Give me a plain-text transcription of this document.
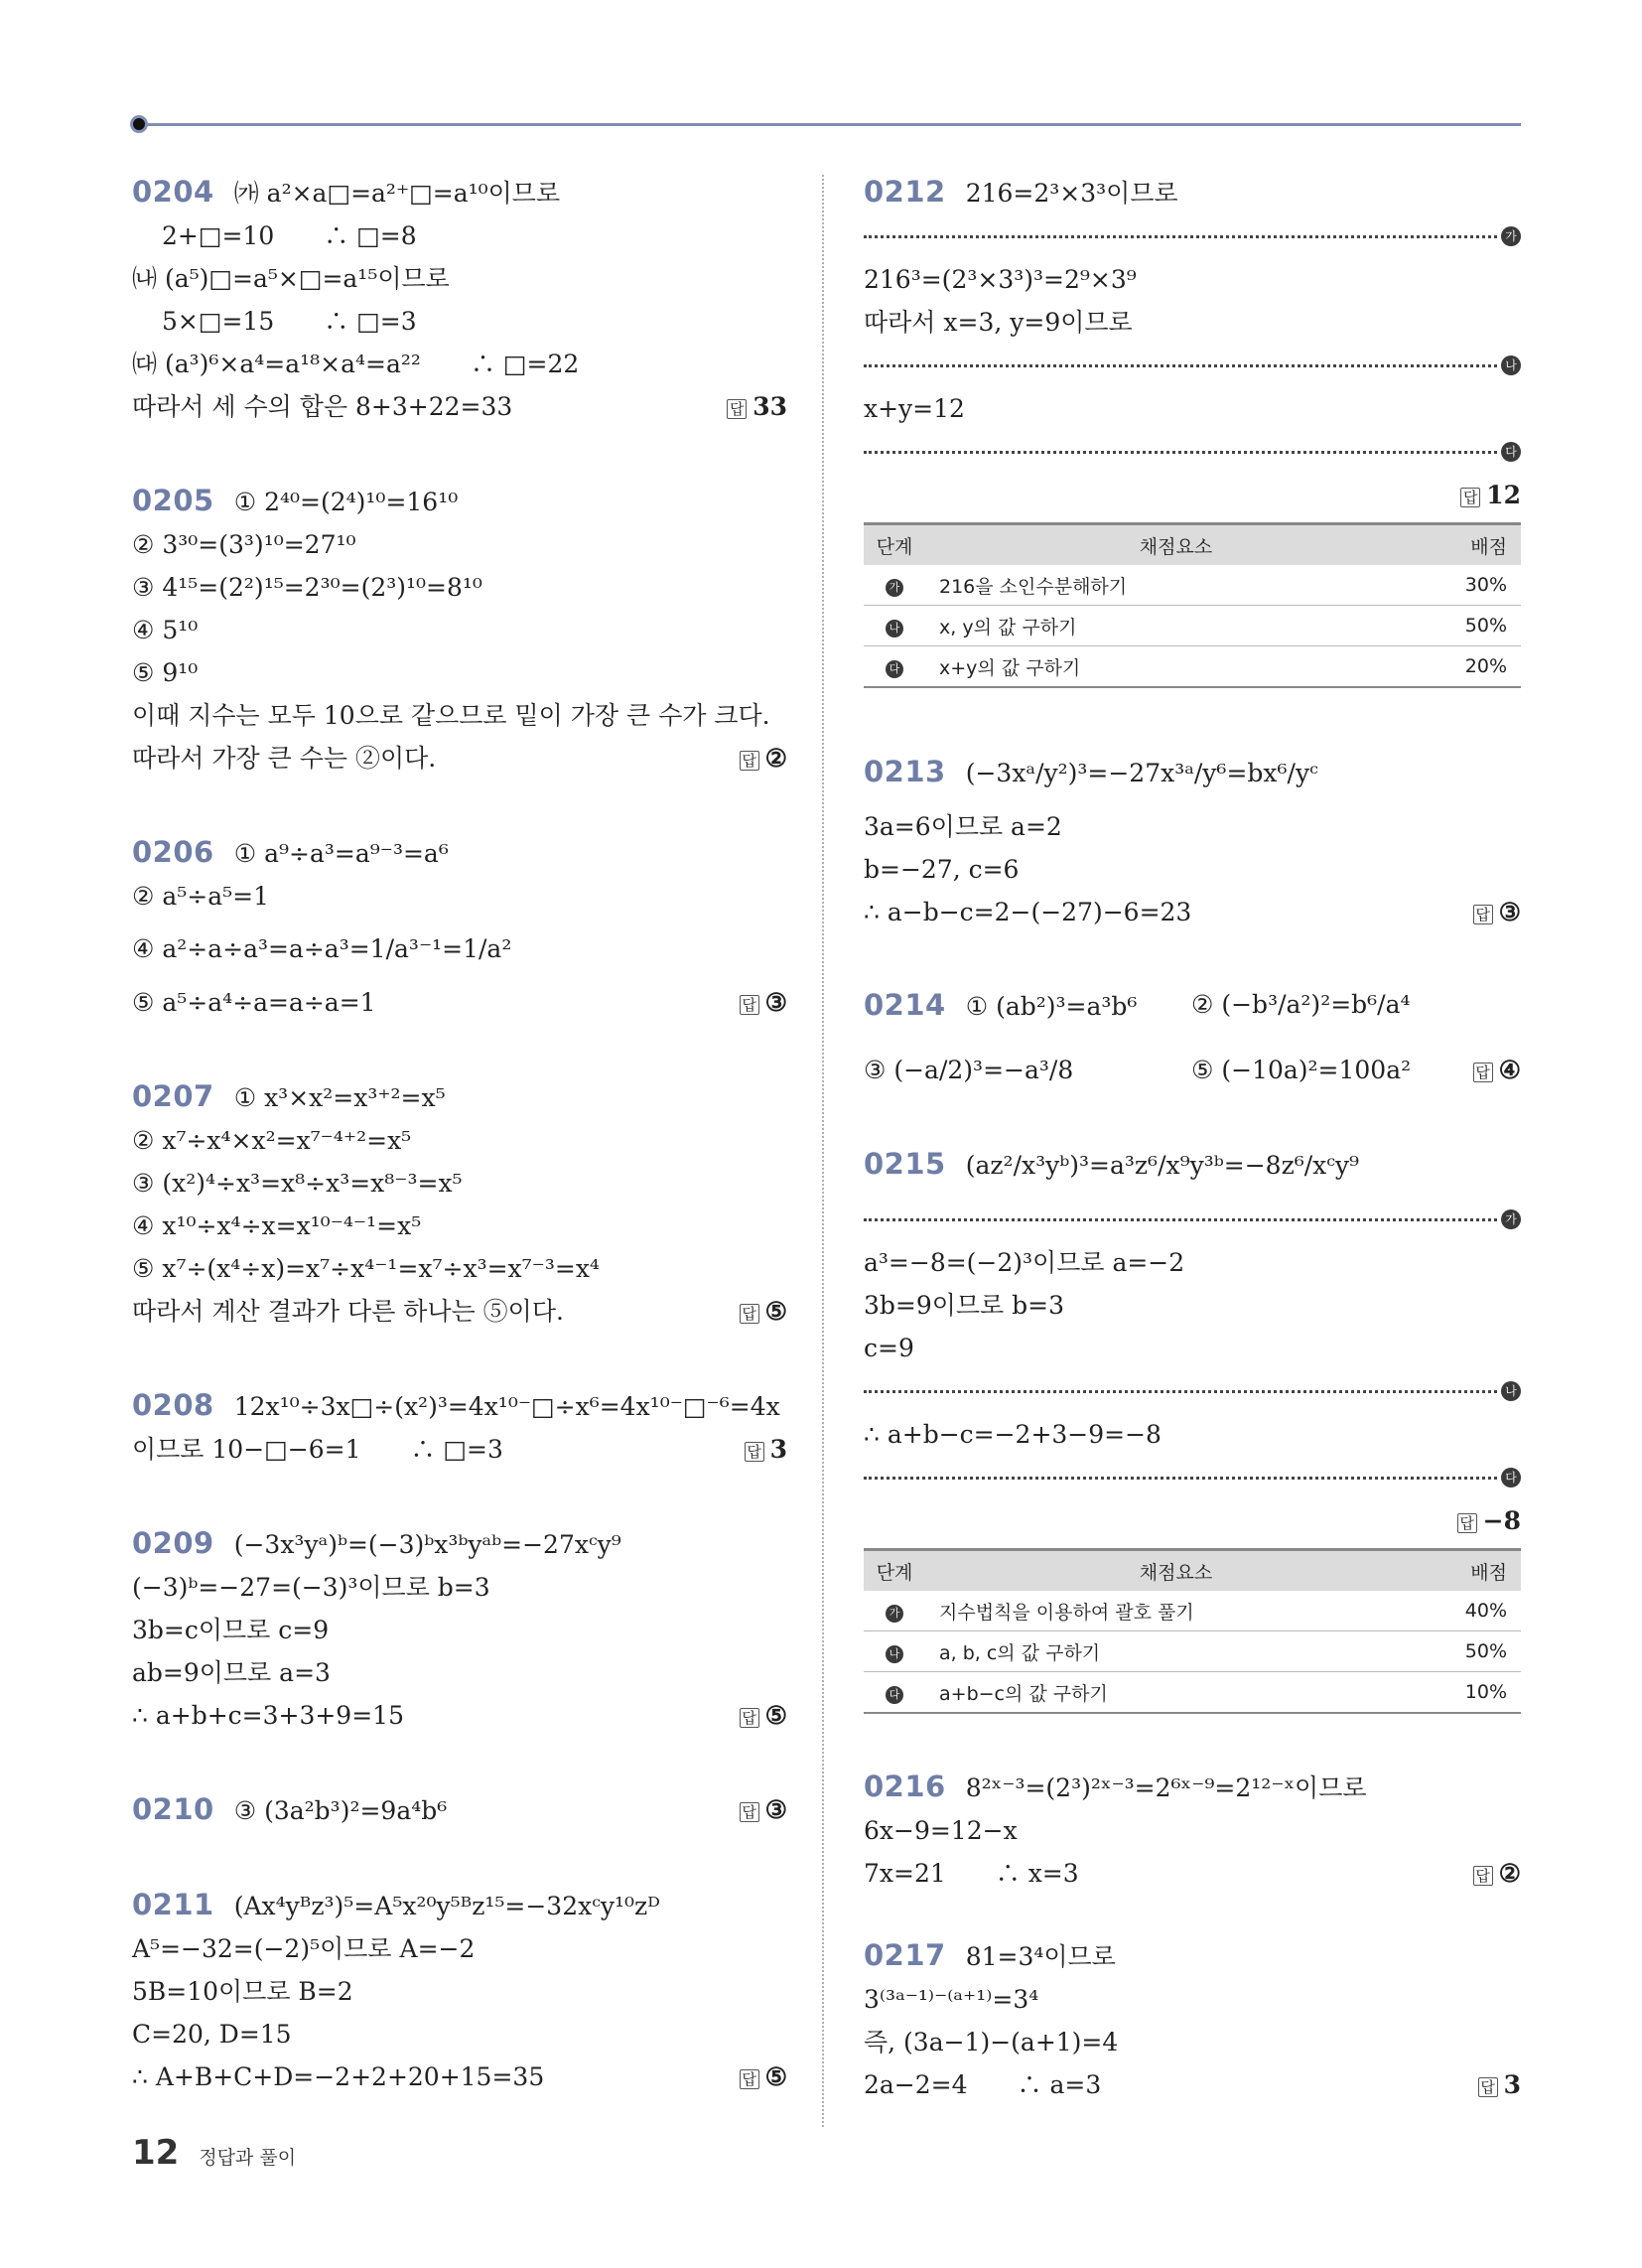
0204 ㈎ a²×a□=a²⁺□=a¹⁰이므로
2+□=10　　∴ □=8
㈏ (a⁵)□=a⁵×□=a¹⁵이므로
5×□=15　　∴ □=3
㈐ (a³)⁶×a⁴=a¹⁸×a⁴=a²²　　∴ □=22
따라서 세 수의 합은 8+3+22=33	답 33
0205 ① 2⁴⁰=(2⁴)¹⁰=16¹⁰
② 3³⁰=(3³)¹⁰=27¹⁰
③ 4¹⁵=(2²)¹⁵=2³⁰=(2³)¹⁰=8¹⁰
④ 5¹⁰
⑤ 9¹⁰
이때 지수는 모두 10으로 같으므로 밑이 가장 큰 수가 크다.
따라서 가장 큰 수는 ②이다.	답 ②
0206 ① a⁹÷a³=a⁹⁻³=a⁶
② a⁵÷a⁵=1
④ a²÷a÷a³=a÷a³=1/a³⁻¹=1/a²
⑤ a⁵÷a⁴÷a=a÷a=1	답 ③
0207 ① x³×x²=x³⁺²=x⁵
② x⁷÷x⁴×x²=x⁷⁻⁴⁺²=x⁵
③ (x²)⁴÷x³=x⁸÷x³=x⁸⁻³=x⁵
④ x¹⁰÷x⁴÷x=x¹⁰⁻⁴⁻¹=x⁵
⑤ x⁷÷(x⁴÷x)=x⁷÷x⁴⁻¹=x⁷÷x³=x⁷⁻³=x⁴
따라서 계산 결과가 다른 하나는 ⑤이다.	답 ⑤
0208 12x¹⁰÷3x□÷(x²)³=4x¹⁰⁻□÷x⁶=4x¹⁰⁻□⁻⁶=4x
이므로 10−□−6=1　　∴ □=3	답 3
0209 (−3x³yᵃ)ᵇ=(−3)ᵇx³ᵇyᵃᵇ=−27xᶜy⁹
(−3)ᵇ=−27=(−3)³이므로 b=3
3b=c이므로 c=9
ab=9이므로 a=3
∴ a+b+c=3+3+9=15	답 ⑤
0210 ③ (3a²b³)²=9a⁴b⁶	답 ③
0211 (Ax⁴yᴮz³)⁵=A⁵x²⁰y⁵ᴮz¹⁵=−32xᶜy¹⁰zᴰ
A⁵=−32=(−2)⁵이므로 A=−2
5B=10이므로 B=2
C=20, D=15
∴ A+B+C+D=−2+2+20+15=35	답 ⑤
0212 216=2³×3³이므로
가
216³=(2³×3³)³=2⁹×3⁹
따라서 x=3, y=9이므로
나
x+y=12
다
답 12
단계	채점요소	배점
가	216을 소인수분해하기	30%
나	x, y의 값 구하기	50%
다	x+y의 값 구하기	20%
0213 (−3xᵃ/y²)³=−27x³ᵃ/y⁶=bx⁶/yᶜ
3a=6이므로 a=2
b=−27, c=6
∴ a−b−c=2−(−27)−6=23	답 ③
0214 ① (ab²)³=a³b⁶ ② (−b³/a²)²=b⁶/a⁴
③ (−a/2)³=−a³/8	⑤ (−10a)²=100a²	답 ④
0215 (az²/x³yᵇ)³=a³z⁶/x⁹y³ᵇ=−8z⁶/xᶜy⁹
가
a³=−8=(−2)³이므로 a=−2
3b=9이므로 b=3
c=9
나
∴ a+b−c=−2+3−9=−8
다
답 −8
단계	채점요소	배점
가	지수법칙을 이용하여 괄호 풀기	40%
나	a, b, c의 값 구하기	50%
다	a+b−c의 값 구하기	10%
0216 8²ˣ⁻³=(2³)²ˣ⁻³=2⁶ˣ⁻⁹=2¹²⁻ˣ이므로
6x−9=12−x
7x=21　　∴ x=3	답 ②
0217 81=3⁴이므로
3⁽³ᵃ⁻¹⁾⁻⁽ᵃ⁺¹⁾=3⁴
즉, (3a−1)−(a+1)=4
2a−2=4　　∴ a=3	답 3
12 정답과 풀이
